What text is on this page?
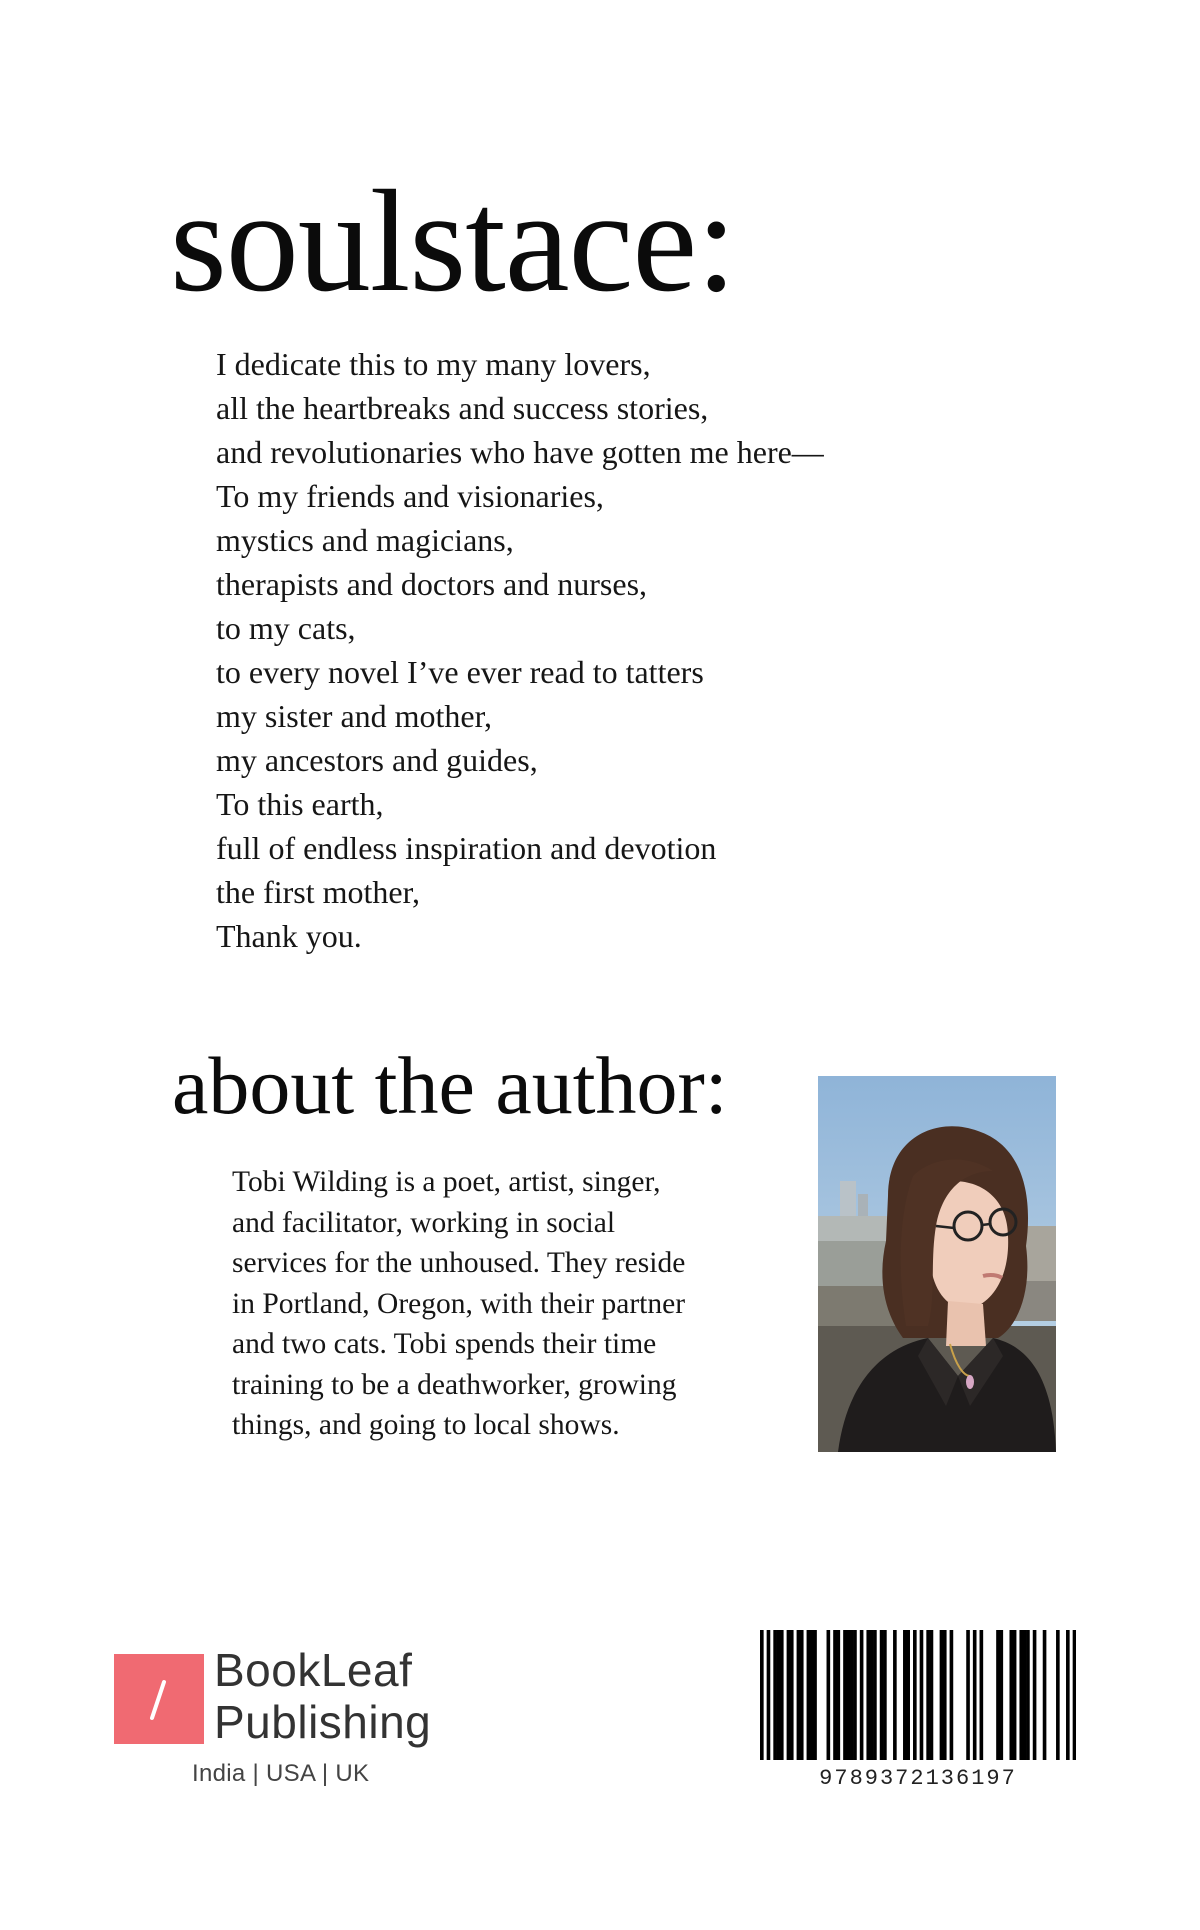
soulstace:
I dedicate this to my many lovers,
all the heartbreaks and success stories,
and revolutionaries who have gotten me here—
To my friends and visionaries,
mystics and magicians,
therapists and doctors and nurses,
to my cats,
to every novel I’ve ever read to tatters
my sister and mother,
my ancestors and guides,
To this earth,
full of endless inspiration and devotion
the first mother,
Thank you.
about the author:
Tobi Wilding is a poet, artist, singer,
and facilitator, working in social
services for the unhoused. They reside
in Portland, Oregon, with their partner
and two cats. Tobi spends their time
training to be a deathworker, growing
things, and going to local shows.
BookLeaf
Publishing
India | USA | UK	9789372136197
